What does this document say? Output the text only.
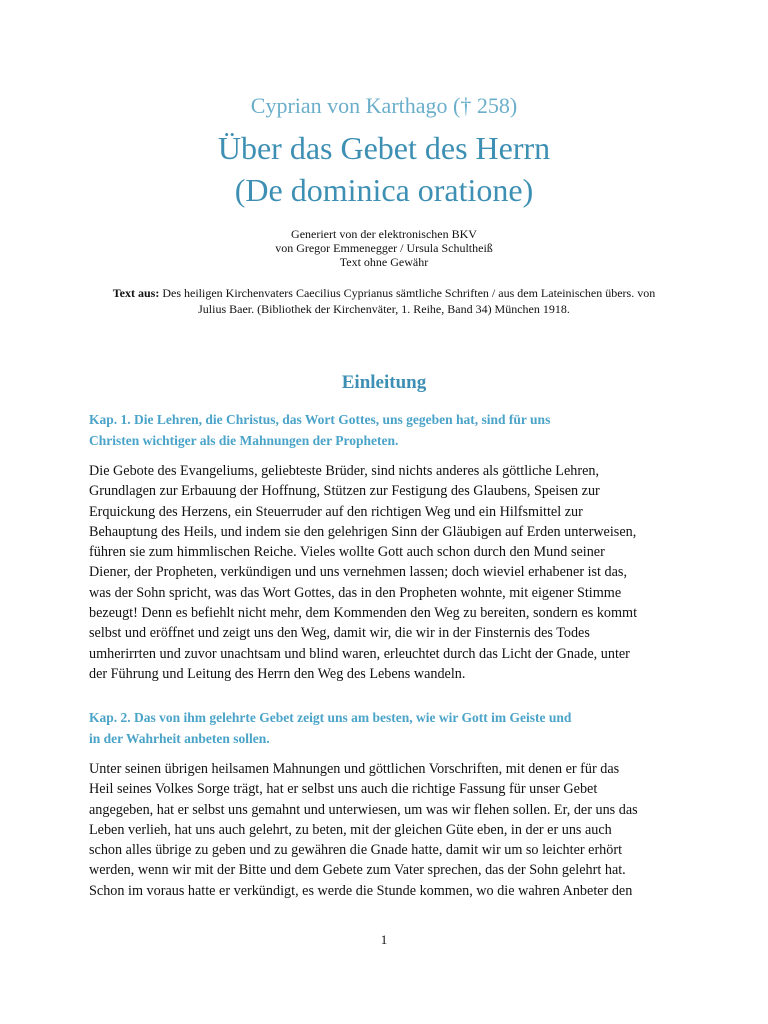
Cyprian von Karthago († 258)
Über das Gebet des Herrn
(De dominica oratione)
Generiert von der elektronischen BKV
von Gregor Emmenegger / Ursula Schultheiß
Text ohne Gewähr
Text aus: Des heiligen Kirchenvaters Caecilius Cyprianus sämtliche Schriften / aus dem Lateinischen übers. von
Julius Baer. (Bibliothek der Kirchenväter, 1. Reihe, Band 34) München 1918.
Einleitung
Kap. 1. Die Lehren, die Christus, das Wort Gottes, uns gegeben hat, sind für uns
Christen wichtiger als die Mahnungen der Propheten.
Die Gebote des Evangeliums, geliebteste Brüder, sind nichts anderes als göttliche Lehren,
Grundlagen zur Erbauung der Hoffnung, Stützen zur Festigung des Glaubens, Speisen zur
Erquickung des Herzens, ein Steuerruder auf den richtigen Weg und ein Hilfsmittel zur
Behauptung des Heils, und indem sie den gelehrigen Sinn der Gläubigen auf Erden unterweisen,
führen sie zum himmlischen Reiche. Vieles wollte Gott auch schon durch den Mund seiner
Diener, der Propheten, verkündigen und uns vernehmen lassen; doch wieviel erhabener ist das,
was der Sohn spricht, was das Wort Gottes, das in den Propheten wohnte, mit eigener Stimme
bezeugt! Denn es befiehlt nicht mehr, dem Kommenden den Weg zu bereiten, sondern es kommt
selbst und eröffnet und zeigt uns den Weg, damit wir, die wir in der Finsternis des Todes
umherirrten und zuvor unachtsam und blind waren, erleuchtet durch das Licht der Gnade, unter
der Führung und Leitung des Herrn den Weg des Lebens wandeln.
Kap. 2. Das von ihm gelehrte Gebet zeigt uns am besten, wie wir Gott im Geiste und
in der Wahrheit anbeten sollen.
Unter seinen übrigen heilsamen Mahnungen und göttlichen Vorschriften, mit denen er für das
Heil seines Volkes Sorge trägt, hat er selbst uns auch die richtige Fassung für unser Gebet
angegeben, hat er selbst uns gemahnt und unterwiesen, um was wir flehen sollen. Er, der uns das
Leben verlieh, hat uns auch gelehrt, zu beten, mit der gleichen Güte eben, in der er uns auch
schon alles übrige zu geben und zu gewähren die Gnade hatte, damit wir um so leichter erhört
werden, wenn wir mit der Bitte und dem Gebete zum Vater sprechen, das der Sohn gelehrt hat.
Schon im voraus hatte er verkündigt, es werde die Stunde kommen, wo die wahren Anbeter den
1
